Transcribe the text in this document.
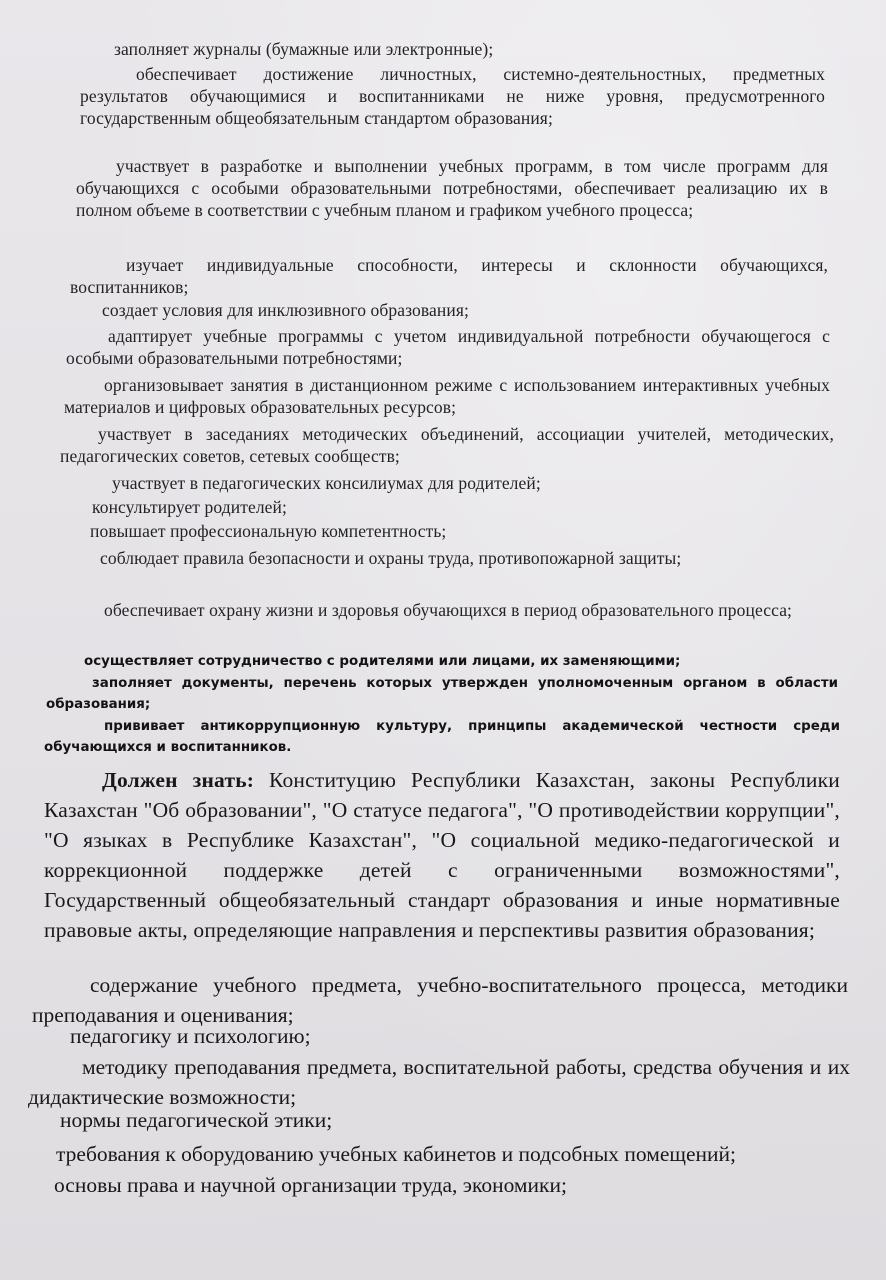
заполняет журналы (бумажные или электронные);

обеспечивает достижение личностных, системно-деятельностных, предметных результатов обучающимися и воспитанниками не ниже уровня, предусмотренного государственным общеобязательным стандартом образования;

участвует в разработке и выполнении учебных программ, в том числе программ для обучающихся с особыми образовательными потребностями, обеспечивает реализацию их в полном объеме в соответствии с учебным планом и графиком учебного процесса;

изучает индивидуальные способности, интересы и склонности обучающихся, воспитанников;

создает условия для инклюзивного образования;

адаптирует учебные программы с учетом индивидуальной потребности обучающегося с особыми образовательными потребностями;

организовывает занятия в дистанционном режиме с использованием интерактивных учебных материалов и цифровых образовательных ресурсов;

участвует в заседаниях методических объединений, ассоциации учителей, методических, педагогических советов, сетевых сообществ;

участвует в педагогических консилиумах для родителей;

консультирует родителей;

повышает профессиональную компетентность;

соблюдает правила безопасности и охраны труда, противопожарной защиты;

обеспечивает охрану жизни и здоровья обучающихся в период образовательного процесса;

осуществляет сотрудничество с родителями или лицами, их заменяющими;

заполняет документы, перечень которых утвержден уполномоченным органом в области образования;

прививает антикоррупционную культуру, принципы академической честности среди обучающихся и воспитанников.

Должен знать: Конституцию Республики Казахстан, законы Республики Казахстан "Об образовании", "О статусе педагога", "О противодействии коррупции", "О языках в Республике Казахстан", "О социальной медико-педагогической и коррекционной поддержке детей с ограниченными возможностями", Государственный общеобязательный стандарт образования и иные нормативные правовые акты, определяющие направления и перспективы развития образования;

содержание учебного предмета, учебно-воспитательного процесса, методики преподавания и оценивания;

педагогику и психологию;

методику преподавания предмета, воспитательной работы, средства обучения и их дидактические возможности;

нормы педагогической этики;

требования к оборудованию учебных кабинетов и подсобных помещений;

основы права и научной организации труда, экономики;
